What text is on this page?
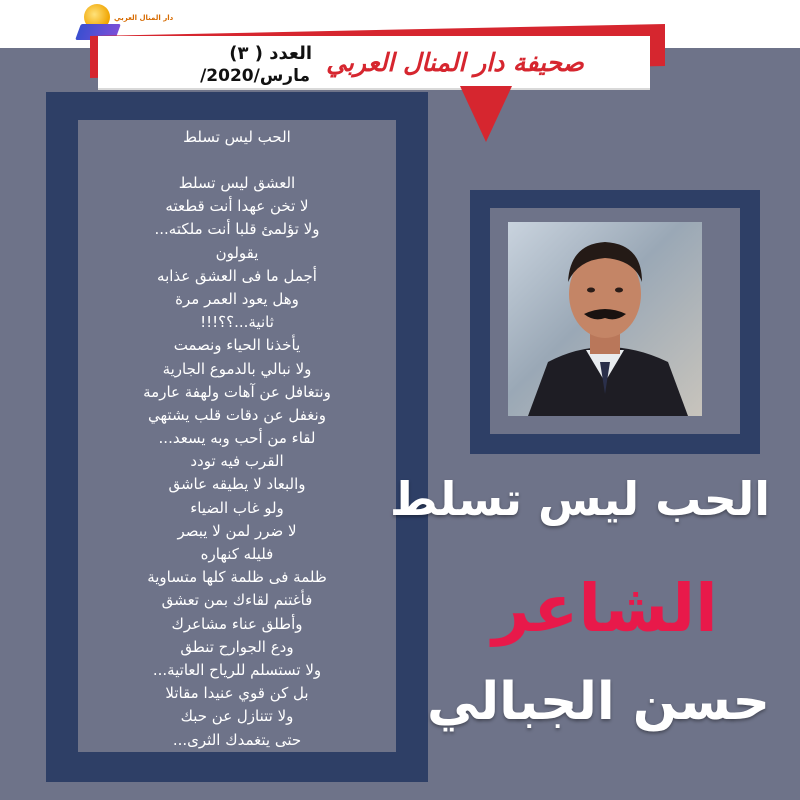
دار المنال العربي
صحيفة دار المنال العربي
العدد ( ٣)
مارس/2020/
الحب ليس تسلط
العشق ليس تسلط
لا تخن عهدا أنت قطعته
ولا تؤلمئ قلبا أنت ملكته...
يقولون
أجمل ما فى العشق عذابه
وهل يعود العمر مرة
ثانية...؟؟!!!
يأخذنا الحياء ونصمت
ولا نبالي بالدموع الجارية
ونتغافل عن آهات ولهفة عارمة
ونغفل عن دقات قلب يشتهي
لقاء من أحب وبه يسعد...
القرب فيه تودد
والبعاد لا يطيقه عاشق
ولو غاب الضياء
لا ضرر لمن لا يبصر
فليله كنهاره
ظلمة فى ظلمة كلها متساوية
فأغتنم لقاءك بمن تعشق
وأطلق عناء مشاعرك
ودع الجوارح تنطق
ولا تستسلم للرياح العاتية...
بل كن قوي عنيدا مقاتلا
ولا تتنازل عن حبك
حتى يتغمدك الثرى...
الحب ليس تسلط
الشاعر
حسن الجبالي
